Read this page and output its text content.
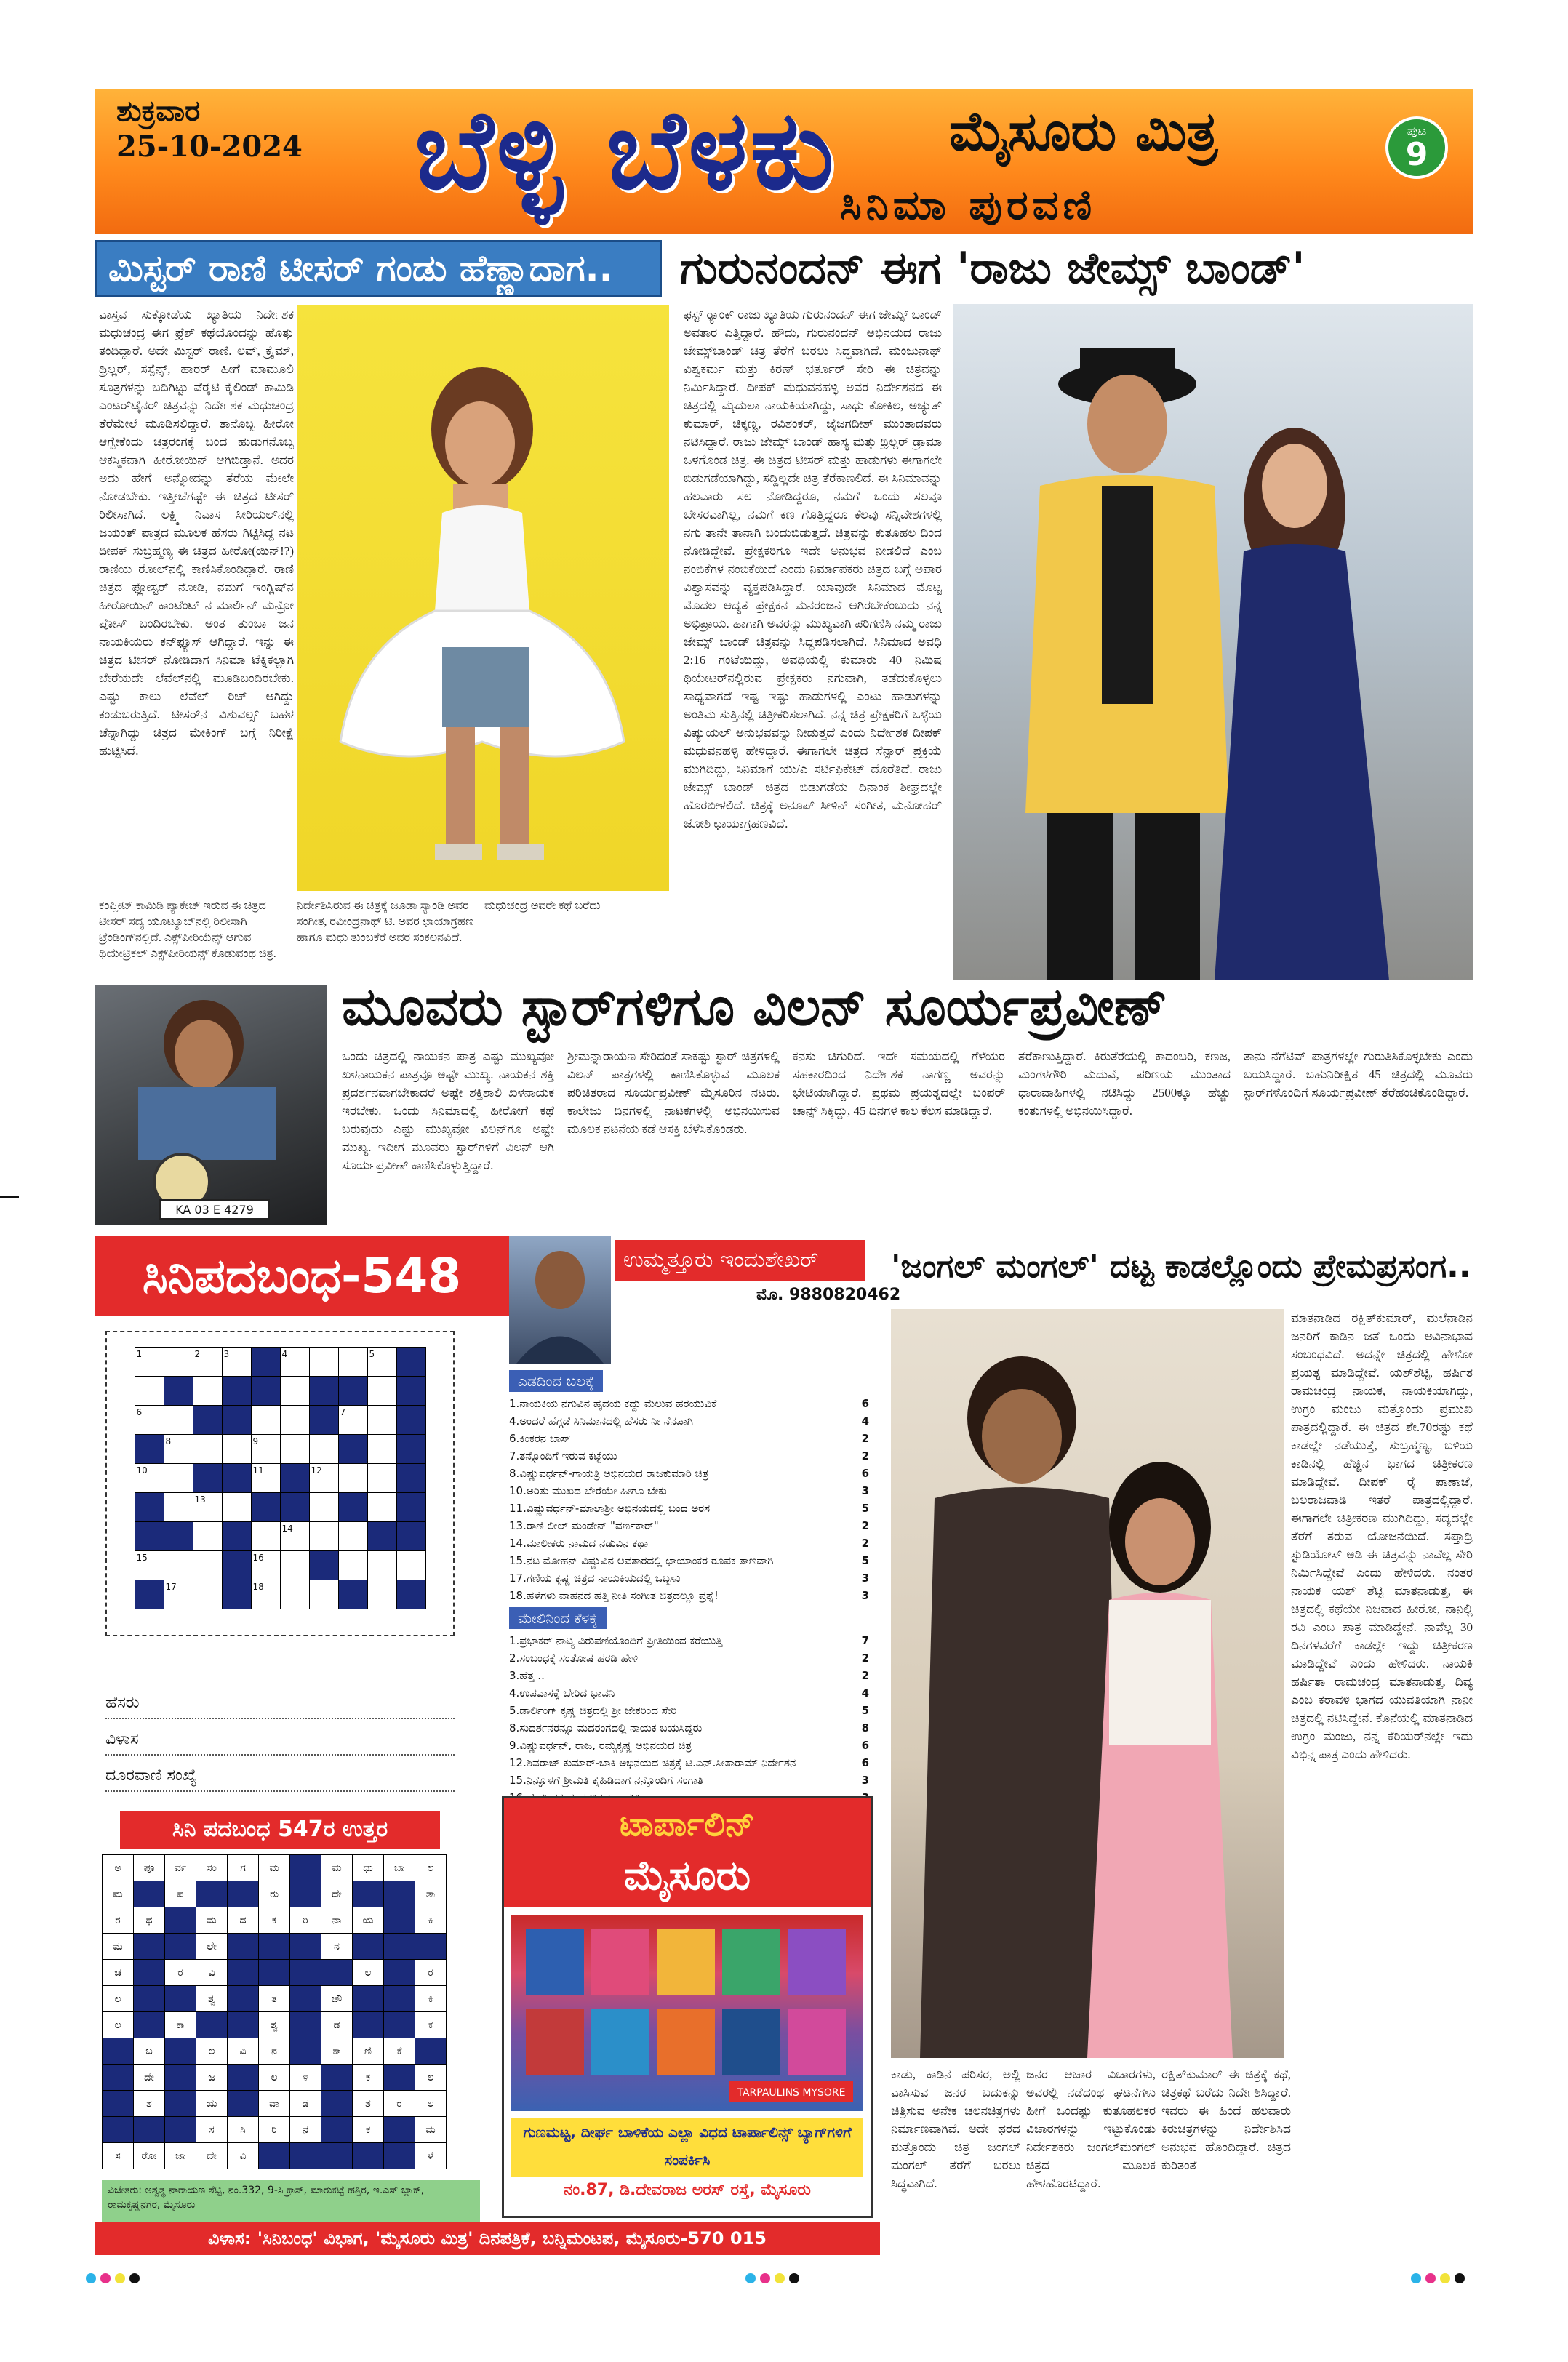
ಶುಕ್ರವಾರ
25-10-2024 ಬೆಳ್ಳಿ ಬೆಳಕು ಸಿನಿಮಾ ಪುರವಣಿ
ಮೈಸೂರು ಮಿತ್ರ	ಪುಟ
9
ಮಿಸ್ಟರ್ ರಾಣಿ ಟೀಸರ್ ಗಂಡು ಹೆಣ್ಣಾದಾಗ..
ವಾಸ್ತವ ಸುಕ್ಕೋಡೆಯ ಖ್ಯಾತಿಯ ನಿರ್ದೇಶಕ ಮಧುಚಂದ್ರ ಈಗ ಫ್ರೆಶ್ ಕಥೆಯೊಂದನ್ನು ಹೊತ್ತು ತಂದಿದ್ದಾರೆ. ಅದೇ ಮಿಸ್ಟರ್ ರಾಣಿ. ಲವ್, ಕ್ರೈಮ್, ಥ್ರಿಲ್ಲರ್, ಸಸ್ಪೆನ್ಸ್, ಹಾರರ್ ಹೀಗೆ ಮಾಮೂಲಿ ಸೂತ್ರಗಳನ್ನು ಬದಿಗಿಟ್ಟು ವೆರೈಟಿ ಕೈಲಿಂಡ್ ಕಾಮಿಡಿ ಎಂಟರ್‌ಟೈನರ್ ಚಿತ್ರವನ್ನು ನಿರ್ದೇಶಕ ಮಧುಚಂದ್ರ ತೆರೆಮೇಲೆ ಮೂಡಿಸಲಿದ್ದಾರೆ. ತಾನೊಬ್ಬ ಹೀರೋ ಆಗ್ಬೇಕೆಂದು ಚಿತ್ರರಂಗಕ್ಕೆ ಬಂದ ಹುಡುಗನೊಬ್ಬ ಆಕಸ್ಮಿಕವಾಗಿ ಹೀರೋಯಿನ್ ಆಗಿಬಿಡ್ತಾನೆ. ಅದರ ಅದು ಹೇಗೆ ಅನ್ನೋದನ್ನು ತೆರೆಯ ಮೇಲೇ ನೋಡಬೇಕು. ಇತ್ತೀಚೆಗಷ್ಟೇ ಈ ಚಿತ್ರದ ಟೀಸರ್ ರಿಲೀಸಾಗಿದೆ. ಲಕ್ಷ್ಮಿ ನಿವಾಸ ಸೀರಿಯಲ್‌ನಲ್ಲಿ ಜಯಂತ್ ಪಾತ್ರದ ಮೂಲಕ ಹೆಸರು ಗಿಟ್ಟಿಸಿದ್ದ ನಟ ದೀಪಕ್ ಸುಬ್ರಹ್ಮಣ್ಯ ಈ ಚಿತ್ರದ ಹೀರೋ(ಯಿನ್!?) ರಾಣಿಯ ರೋಲ್‌ನಲ್ಲಿ ಕಾಣಿಸಿಕೊಂಡಿದ್ದಾರೆ. ರಾಣಿ ಚಿತ್ರದ ಫ್ಲೋಸ್ಟರ್ ನೋಡಿ, ನಮಗೆ ಇಂಗ್ಲಿಷ್‌ನ ಹೀರೋಯಿನ್ ಕಾಂಟೆಂಟ್ ನ ಮಾರ್ಲಿನ್ ಮನ್ರೋ ಪೋಸ್ ಬಂದಿರಬೇಕು. ಅಂತ ತುಂಬಾ ಜನ ನಾಯಕಿಯರು ಕನ್‌ಫ್ಯೂಸ್ ಆಗಿದ್ದಾರೆ. ಇನ್ನು ಈ ಚಿತ್ರದ ಟೀಸರ್ ನೋಡಿದಾಗ ಸಿನಿಮಾ ಟೆಕ್ನಿಕಲ್ಲಾಗಿ ಬೇರೆಯದೇ ಲೆವೆಲ್‌ನಲ್ಲಿ ಮೂಡಿಬಂದಿರಬೇಕು. ಎಷ್ಟು ಕಾಲು ಲೆವೆಲ್ ರಿಚ್ ಆಗಿದ್ದು ಕಂಡುಬರುತ್ತಿದೆ. ಟೀಸರ್‌ನ ವಿಶುವಲ್ಸ್ ಬಹಳ ಚೆನ್ನಾಗಿದ್ದು ಚಿತ್ರದ ಮೇಕಿಂಗ್ ಬಗ್ಗೆ ನಿರೀಕ್ಷೆ ಹುಟ್ಟಿಸಿದೆ.
ಕಂಪ್ಲೀಟ್ ಕಾಮಿಡಿ ಪ್ಯಾಕೇಜ್ ಇರುವ ಈ ಚಿತ್ರದ ಟೀಸರ್ ಸದ್ಯ ಯೂಟ್ಯೂಬ್‌ನಲ್ಲಿ ರಿಲೀಸಾಗಿ ಟ್ರೆಂಡಿಂಗ್‌ನಲ್ಲಿದೆ. ಎಕ್ಸ್‌ಪೀರಿಯೆನ್ಸ್ ಆಗುವ ಥಿಯೇಟ್ರಿಕಲ್ ಎಕ್ಸ್‌ಪೀರಿಯನ್ಸ್ ಕೊಡುವಂಥ ಚಿತ್ರ.
ನಿರ್ದೇಶಿಸಿರುವ ಈ ಚಿತ್ರಕ್ಕೆ ಜೂಡಾ ಸ್ಯಾಂಡಿ ಅವರ ಸಂಗೀತ, ರವೀಂದ್ರನಾಥ್ ಟಿ. ಅವರ ಛಾಯಾಗ್ರಹಣ ಹಾಗೂ ಮಧು ತುಂಬಕೆರೆ ಅವರ ಸಂಕಲನವಿದೆ.
ಮಧುಚಂದ್ರ ಅವರೇ ಕಥೆ ಬರೆದು
ಗುರುನಂದನ್ ಈಗ 'ರಾಜು ಜೇಮ್ಸ್ ಬಾಂಡ್'
ಫಸ್ಟ್ ರ್‍ಯಾಂಕ್ ರಾಜು ಖ್ಯಾತಿಯ ಗುರುನಂದನ್ ಈಗ ಜೇಮ್ಸ್ ಬಾಂಡ್ ಅವತಾರ ಎತ್ತಿದ್ದಾರೆ. ಹೌದು, ಗುರುನಂದನ್ ಅಭಿನಯದ ರಾಜು ಜೇಮ್ಸ್‌ಬಾಂಡ್ ಚಿತ್ರ ತೆರೆಗೆ ಬರಲು ಸಿದ್ಧವಾಗಿದೆ. ಮಂಜುನಾಥ್ ವಿಶ್ವಕರ್ಮ ಮತ್ತು ಕಿರಣ್ ಭರ್ತೂರ್ ಸೇರಿ ಈ ಚಿತ್ರವನ್ನು ನಿರ್ಮಿಸಿದ್ದಾರೆ. ದೀಪಕ್ ಮಧುವನಹಳ್ಳಿ ಅವರ ನಿರ್ದೇಶನದ ಈ ಚಿತ್ರದಲ್ಲಿ ಮೃದುಲಾ ನಾಯಕಿಯಾಗಿದ್ದು, ಸಾಧು ಕೋಕಿಲ, ಅಚ್ಯುತ್ ಕುಮಾರ್, ಚಿಕ್ಕಣ್ಣ, ರವಿಶಂಕರ್, ಜೈಜಗದೀಶ್ ಮುಂತಾದವರು ನಟಿಸಿದ್ದಾರೆ. ರಾಜು ಜೇಮ್ಸ್ ಬಾಂಡ್ ಹಾಸ್ಯ ಮತ್ತು ಥ್ರಿಲ್ಲರ್ ಡ್ರಾಮಾ ಒಳಗೊಂಡ ಚಿತ್ರ. ಈ ಚಿತ್ರದ ಟೀಸರ್ ಮತ್ತು ಹಾಡುಗಳು ಈಗಾಗಲೇ ಬಿಡುಗಡೆಯಾಗಿದ್ದು, ಸದ್ದಿಲ್ಲದೇ ಚಿತ್ರ ತೆರೆಕಾಣಲಿದೆ. ಈ ಸಿನಿಮಾವನ್ನು ಹಲವಾರು ಸಲ ನೋಡಿದ್ದರೂ, ನಮಗೆ ಒಂದು ಸಲವೂ ಬೇಸರವಾಗಿಲ್ಲ, ನಮಗೆ ಕಣ ಗೊತ್ತಿದ್ದರೂ ಕೆಲವು ಸನ್ನಿವೇಶಗಳಲ್ಲಿ ನಗು ತಾನೇ ತಾನಾಗಿ ಬಂದುಬಿಡುತ್ತದೆ. ಚಿತ್ರವನ್ನು ಕುತೂಹಲ ದಿಂದ ನೋಡಿದ್ದೇವೆ. ಪ್ರೇಕ್ಷಕರಿಗೂ ಇದೇ ಅನುಭವ ನೀಡಲಿದೆ ಎಂಬ ನಂಬಿಕೆಗಳ ನಂಬಿಕೆಯಿದೆ ಎಂದು ನಿರ್ಮಾಪಕರು ಚಿತ್ರದ ಬಗ್ಗೆ ಅಪಾರ ವಿಶ್ವಾಸವನ್ನು ವ್ಯಕ್ತಪಡಿಸಿದ್ದಾರೆ. ಯಾವುದೇ ಸಿನಿಮಾದ ಮೊಟ್ಟ ಮೊದಲ ಆದ್ಯತೆ ಪ್ರೇಕ್ಷಕನ ಮನರಂಜನೆ ಆಗಿರಬೇಕೆಂಬುದು ನನ್ನ ಅಭಿಪ್ರಾಯ. ಹಾಗಾಗಿ ಅವರನ್ನು ಮುಖ್ಯವಾಗಿ ಪರಿಗಣಿಸಿ ನಮ್ಮ ರಾಜು ಜೇಮ್ಸ್ ಬಾಂಡ್ ಚಿತ್ರವನ್ನು ಸಿದ್ಧಪಡಿಸಲಾಗಿದೆ. ಸಿನಿಮಾದ ಅವಧಿ 2:16 ಗಂಟೆಯಿದ್ದು, ಅವಧಿಯಲ್ಲಿ ಕುಮಾರು 40 ನಿಮಿಷ ಥಿಯೇಟರ್‌ನಲ್ಲಿರುವ ಪ್ರೇಕ್ಷಕರು ನಗುವಾಗಿ, ತಡೆದುಕೊಳ್ಳಲು ಸಾಧ್ಯವಾಗದೆ ಇಷ್ಟ ಇಷ್ಟು ಹಾಡುಗಳಲ್ಲಿ ಎಂಟು ಹಾಡುಗಳನ್ನು ಅಂತಿಮ ಸುತ್ತಿನಲ್ಲಿ ಚಿತ್ರೀಕರಿಸಲಾಗಿದೆ. ನನ್ನ ಚಿತ್ರ ಪ್ರೇಕ್ಷಕರಿಗೆ ಒಳ್ಳೆಯ ವಿಷ್ಯುಯಲ್ ಅನುಭವವನ್ನು ನೀಡುತ್ತದೆ ಎಂದು ನಿರ್ದೇಶಕ ದೀಪಕ್ ಮಧುವನಹಳ್ಳಿ ಹೇಳಿದ್ದಾರೆ. ಈಗಾಗಲೇ ಚಿತ್ರದ ಸೆನ್ಸಾರ್ ಪ್ರಕ್ರಿಯೆ ಮುಗಿದಿದ್ದು, ಸಿನಿಮಾಗೆ ಯು/ಎ ಸರ್ಟಿಫಿಕೇಟ್ ದೊರೆತಿದೆ. ರಾಜು ಜೇಮ್ಸ್ ಬಾಂಡ್ ಚಿತ್ರದ ಬಿಡುಗಡೆಯ ದಿನಾಂಕ ಶೀಘ್ರದಲ್ಲೇ ಹೊರಬೀಳಲಿದೆ. ಚಿತ್ರಕ್ಕೆ ಅನೂಪ್ ಸೀಳಿನ್ ಸಂಗೀತ, ಮನೋಹರ್ ಜೋಶಿ ಛಾಯಾಗ್ರಹಣವಿದೆ.
KA 03 E 4279
ಮೂವರು ಸ್ಟಾರ್‌ಗಳಿಗೂ ವಿಲನ್ ಸೂರ್ಯಪ್ರವೀಣ್
ಒಂದು ಚಿತ್ರದಲ್ಲಿ ನಾಯಕನ ಪಾತ್ರ ಎಷ್ಟು ಮುಖ್ಯವೋ ಖಳನಾಯಕನ ಪಾತ್ರವೂ ಅಷ್ಟೇ ಮುಖ್ಯ. ನಾಯಕನ ಶಕ್ತಿ ಪ್ರದರ್ಶನವಾಗಬೇಕಾದರೆ ಅಷ್ಟೇ ಶಕ್ತಿಶಾಲಿ ಖಳನಾಯಕ ಇರಬೇಕು. ಒಂದು ಸಿನಿಮಾದಲ್ಲಿ ಹೀರೋಗೆ ಕಥೆ ಬರುವುದು ಎಷ್ಟು ಮುಖ್ಯವೋ ವಿಲನ್‌ಗೂ ಅಷ್ಟೇ ಮುಖ್ಯ. ಇದೀಗ ಮೂವರು ಸ್ಟಾರ್‌ಗಳಿಗೆ ವಿಲನ್ ಆಗಿ ಸೂರ್ಯಪ್ರವೀಣ್ ಕಾಣಿಸಿಕೊಳ್ಳುತ್ತಿದ್ದಾರೆ.
ಶ್ರೀಮನ್ನಾರಾಯಣ ಸೇರಿದಂತೆ ಸಾಕಷ್ಟು ಸ್ಟಾರ್ ಚಿತ್ರಗಳಲ್ಲಿ ವಿಲನ್ ಪಾತ್ರಗಳಲ್ಲಿ ಕಾಣಿಸಿಕೊಳ್ಳುವ ಮೂಲಕ ಪರಿಚಿತರಾದ ಸೂರ್ಯಪ್ರವೀಣ್ ಮೈಸೂರಿನ ನಟರು. ಕಾಲೇಜು ದಿನಗಳಲ್ಲಿ ನಾಟಕಗಳಲ್ಲಿ ಅಭಿನಯಿಸುವ ಮೂಲಕ ನಟನೆಯ ಕಡೆ ಆಸಕ್ತಿ ಬೆಳೆಸಿಕೊಂಡರು.
ಕನಸು ಚಿಗುರಿದೆ. ಇದೇ ಸಮಯದಲ್ಲಿ ಗೆಳೆಯರ ಸಹಕಾರದಿಂದ ನಿರ್ದೇಶಕ ನಾಗಣ್ಣ ಅವರನ್ನು ಭೇಟಿಯಾಗಿದ್ದಾರೆ. ಪ್ರಥಮ ಪ್ರಯತ್ನದಲ್ಲೇ ಬಂಪರ್ ಚಾನ್ಸ್ ಸಿಕ್ಕಿದ್ದು, 45 ದಿನಗಳ ಕಾಲ ಕೆಲಸ ಮಾಡಿದ್ದಾರೆ.
ತೆರೆಕಾಣುತ್ತಿದ್ದಾರೆ. ಕಿರುತೆರೆಯಲ್ಲಿ ಕಾದಂಬರಿ, ಕಣಜ, ಮಂಗಳಗೌರಿ ಮದುವೆ, ಪರಿಣಯ ಮುಂತಾದ ಧಾರಾವಾಹಿಗಳಲ್ಲಿ ನಟಿಸಿದ್ದು 2500ಕ್ಕೂ ಹೆಚ್ಚು ಕಂತುಗಳಲ್ಲಿ ಅಭಿನಯಿಸಿದ್ದಾರೆ.
ತಾನು ನೆಗೆಟಿವ್ ಪಾತ್ರಗಳಲ್ಲೇ ಗುರುತಿಸಿಕೊಳ್ಳಬೇಕು ಎಂದು ಬಯಸಿದ್ದಾರೆ. ಬಹುನಿರೀಕ್ಷಿತ 45 ಚಿತ್ರದಲ್ಲಿ ಮೂವರು ಸ್ಟಾರ್‌ಗಳೊಂದಿಗೆ ಸೂರ್ಯಪ್ರವೀಣ್ ತೆರೆಹಂಚಿಕೊಂಡಿದ್ದಾರೆ.
ಸಿನಿಪದಬಂಧ-548
1		2	3		4			5	

6							7		
	8			9					
10				11		12			
		13							
					14				
15				16					
	17			18					
ಹೆಸರು
ವಿಳಾಸ
ದೂರವಾಣಿ ಸಂಖ್ಯೆ
ಸಿನಿ ಪದಬಂಧ 547ರ ಉತ್ತರ
ಅ	ಪೂ	ರ್ವ	ಸಂ	ಗ	ಮ		ಮ	ಧು	ಬಾ	ಲ
ಮ		ಪ			ರು		ದೇ			ತಾ
ರ	ಥ		ಮ	ದ	ಕ	ರಿ	ನಾ	ಯ		ಕಿ
ಮ			ಲೇ				ನ			
ಚ		ರ	ವಿ					ಲ		ರ
ಲ			ಶ್ವ		ತ		ಚೌ			ಕಿ
ಲ		ಕಾ			ಶ್ವ		ಡ			ಕ
	ಬ		ಲ	ವಿ	ನ		ಕಾ	ಣಿ	ಕೆ	
	ದೇ		ಜ		ಲ	ಳಿ		ಕ		ಲ
	ಶ		ಯ		ವಾ	ಡ		ಶ	ರ	ಲ
			ಸ	ಸಿ	ರಿ	ನ		ಕ		ಮ
ಸ	ರೋ	ಜಾ	ದೇ	ವಿ						ಳೆ
ವಿಜೇತರು: ಅಶ್ವತ್ಥ ನಾರಾಯಣ ಶೆಟ್ಟಿ, ನಂ.332, 9-ಸಿ ಕ್ರಾಸ್, ಮಾರುಕಟ್ಟೆ ಹತ್ತಿರ, ಇ.ಎಸ್ ಬ್ಲಾಕ್, ರಾಮಕೃಷ್ಣನಗರ, ಮೈಸೂರು
ಉಮ್ಮತ್ತೂರು ಇಂದುಶೇಖರ್
ಮೊ. 9880820462
ಎಡದಿಂದ ಬಲಕ್ಕೆ
1.ನಾಯಕಿಯ ನಗುವಿನ ಹೃದಯ ಕದ್ದು ಮೆಲುವ ಹರಯುವಿಕೆ	6
4.ಅಂದರೆ ಹೆಗ್ಗಡೆ ಸಿನಿಮಾನದಲ್ಲಿ ಹೆಸರು ನೀ ನೆನಪಾಗಿ	4
6.ಕಿಂಕರನ ಬಾಸ್	2
7.ತನ್ನೊಂದಿಗೆ ಇರುವ ಕಟ್ಟೆಯು	2
8.ವಿಷ್ಣುವರ್ಧನ್-ಗಾಯತ್ರಿ ಅಭಿನಯದ ರಾಜಕುಮಾರಿ ಚಿತ್ರ	6
10.ಅರಿತು ಮುಖದ ಬೇರೆಯೇ ಹೀಗೂ ಬೇಕು	3
11.ವಿಷ್ಣುವರ್ಧನ್-ಮಾಲಾಶ್ರೀ ಅಭಿನಯದಲ್ಲಿ ಬಂದ ಅರಸ	5
13.ರಾಣಿ ಲೀಲ್ ಮಂಡೇನ್ "ವರ್ಣಕಾರ್"	2
14.ಮಾಲೀಕರು ನಾಮದ ನಡುವಿನ ಕಥಾ	2
15.ನಟ ಮೋಹನ್ ವಿಷ್ಣುವಿನ ಅವತಾರದಲ್ಲಿ ಛಾಯಾಂಕರ ರೂಪಕ ತಾಣವಾಗಿ	5
17.ಗಣಿಯ ಕೃಷ್ಣ ಚಿತ್ರದ ನಾಯಕಿಯದಲ್ಲಿ ಒಬ್ಬಳು	3
18.ಹಳೆಗಳು ವಾಹನದ ಹತ್ತಿ ನೀತಿ ಸಂಗೀತ ಚಿತ್ರದಲ್ಲೂ ಪ್ರಶ್ನೆ!	3
ಮೇಲಿನಿಂದ ಕೆಳಕ್ಕೆ
1.ಪ್ರಭಾಕರ್ ನಾಟ್ಯ ವಿರುಪಣಿಯೊಂದಿಗೆ ಪ್ರೀತಿಯಿಂದ ಕರೆಯುತ್ತಿ	7
2.ಸಂಬಂಧಕ್ಕೆ ಸಂತೋಷ ಹರಡಿ ಹೇಳಿ	2
3.ಹೆತ್ತ ..	2
4.ಉಪವಾಸಕ್ಕೆ ಬೇರಿದ ಭಾವನಿ	4
5.ಡಾರ್ಲಿಂಗ್ ಕೃಷ್ಣ ಚಿತ್ರದಲ್ಲಿ ಶ್ರೀ ಜೇಕರಿಂದ ಸೇರಿ	5
8.ಸುದರ್ಶನರನ್ನೂ ಮದರಂಗದಲ್ಲಿ ನಾಯಕ ಬಯಸಿದ್ದರು	8
9.ವಿಷ್ಣುವರ್ಧನ್, ರಾಜ, ರಮ್ಯಕೃಷ್ಣ ಅಭಿನಯದ ಚಿತ್ರ	6
12.ಶಿವರಾಜ್ ಕುಮಾರ್-ಬಾಕಿ ಅಭಿನಯದ ಚಿತ್ರಕ್ಕೆ ಟಿ.ಎನ್.ಸೀತಾರಾಮ್ ನಿರ್ದೇಶನ	6
15.ನಿನ್ನೊಳಗೆ ಶ್ರೀಮತಿ ಕೈಹಿಡಿದಾಗ ನನ್ನೊಂದಿಗೆ ಸಂಗಾತಿ	3
ಟಾರ್ಪಾಲಿನ್
ಮೈಸೂರು
TARPAULINS MYSORE
ಗುಣಮಟ್ಟ, ದೀರ್ಘ ಬಾಳಿಕೆಯ ಎಲ್ಲಾ ವಿಧದ ಟಾರ್ಪಾಲಿನ್ಸ್ ಬ್ಯಾಗ್‌ಗಳಿಗೆ ಸಂಪರ್ಕಿಸಿ
ನಂ.87, ಡಿ.ದೇವರಾಜ ಅರಸ್ ರಸ್ತೆ, ಮೈಸೂರು
ವಿಳಾಸ: 'ಸಿನಿಬಂಧ' ವಿಭಾಗ, 'ಮೈಸೂರು ಮಿತ್ರ' ದಿನಪತ್ರಿಕೆ, ಬನ್ನಿಮಂಟಪ, ಮೈಸೂರು-570 015
'ಜಂಗಲ್ ಮಂಗಲ್' ದಟ್ಟ ಕಾಡಲ್ಲೊಂದು ಪ್ರೇಮಪ್ರಸಂಗ..
ಮಾತನಾಡಿದ ರಕ್ಷಿತ್‌ಕುಮಾರ್, ಮಲೆನಾಡಿನ ಜನರಿಗೆ ಕಾಡಿನ ಜತೆ ಒಂದು ಅವಿನಾಭಾವ ಸಂಬಂಧವಿದೆ. ಅದನ್ನೇ ಚಿತ್ರದಲ್ಲಿ ಹೇಳೋ ಪ್ರಯತ್ನ ಮಾಡಿದ್ದೇವೆ. ಯಶ್‌ಶೆಟ್ಟಿ, ಹರ್ಷಿತ ರಾಮಚಂದ್ರ ನಾಯಕ, ನಾಯಕಿಯಾಗಿದ್ದು, ಉಗ್ರಂ ಮಂಜು ಮತ್ತೊಂದು ಪ್ರಮುಖ ಪಾತ್ರದಲ್ಲಿದ್ದಾರೆ. ಈ ಚಿತ್ರದ ಶೇ.70ರಷ್ಟು ಕಥೆ ಕಾಡಲ್ಲೇ ನಡೆಯುತ್ತೆ, ಸುಬ್ರಹ್ಮಣ್ಯ, ಬಳಿಯ ಕಾಡಿನಲ್ಲಿ ಹೆಚ್ಚಿನ ಭಾಗದ ಚಿತ್ರೀಕರಣ ಮಾಡಿದ್ದೇವೆ. ದೀಪಕ್ ರೈ ಪಾಣಾಜೆ, ಬಲರಾಜವಾಡಿ ಇತರೆ ಪಾತ್ರದಲ್ಲಿದ್ದಾರೆ. ಈಗಾಗಲೇ ಚಿತ್ರೀಕರಣ ಮುಗಿದಿದ್ದು, ಸದ್ಯದಲ್ಲೇ ತೆರೆಗೆ ತರುವ ಯೋಜನೆಯಿದೆ. ಸಪ್ತಾದ್ರಿ ಸ್ಟುಡಿಯೋಸ್ ಅಡಿ ಈ ಚಿತ್ರವನ್ನು ನಾವೆಲ್ಲ ಸೇರಿ ನಿರ್ಮಿಸಿದ್ದೇವೆ ಎಂದು ಹೇಳಿದರು. ನಂತರ ನಾಯಕ ಯಶ್ ಶೆಟ್ಟಿ ಮಾತನಾಡುತ್ತ, ಈ ಚಿತ್ರದಲ್ಲಿ ಕಥೆಯೇ ನಿಜವಾದ ಹೀರೋ, ನಾನಿಲ್ಲಿ ರವಿ ಎಂಬ ಪಾತ್ರ ಮಾಡಿದ್ದೇನೆ. ನಾವೆಲ್ಲ 30 ದಿನಗಳವರೆಗೆ ಕಾಡಲ್ಲೇ ಇದ್ದು ಚಿತ್ರೀಕರಣ ಮಾಡಿದ್ದೇವೆ ಎಂದು ಹೇಳಿದರು. ನಾಯಕಿ ಹರ್ಷಿತಾ ರಾಮಚಂದ್ರ ಮಾತನಾಡುತ್ತ, ದಿವ್ಯ ಎಂಬ ಕರಾವಳಿ ಭಾಗದ ಯುವತಿಯಾಗಿ ನಾನೀ ಚಿತ್ರದಲ್ಲಿ ನಟಿಸಿದ್ದೇನೆ. ಕೊನೆಯಲ್ಲಿ ಮಾತನಾಡಿದ ಉಗ್ರಂ ಮಂಜು, ನನ್ನ ಕೆರಿಯರ್‌ನಲ್ಲೇ ಇದು ವಿಭಿನ್ನ ಪಾತ್ರ ಎಂದು ಹೇಳಿದರು.
ಕಾಡು, ಕಾಡಿನ ಪರಿಸರ, ಅಲ್ಲಿ ವಾಸಿಸುವ ಜನರ ಬದುಕನ್ನು ಚಿತ್ರಿಸುವ ಅನೇಕ ಚಲನಚಿತ್ರಗಳು ನಿರ್ಮಾಣವಾಗಿವೆ. ಅದೇ ಥರದ ಮತ್ತೊಂದು ಚಿತ್ರ ಜಂಗಲ್ ಮಂಗಲ್ ತೆರೆಗೆ ಬರಲು ಸಿದ್ಧವಾಗಿದೆ.
ಜನರ ಆಚಾರ ವಿಚಾರಗಳು, ಅವರಲ್ಲಿ ನಡೆದಂಥ ಘಟನೆಗಳು ಹೀಗೆ ಒಂದಷ್ಟು ಕುತೂಹಲಕರ ವಿಚಾರಗಳನ್ನು ಇಟ್ಟುಕೊಂಡು ನಿರ್ದೇಶಕರು ಜಂಗಲ್‌ಮಂಗಲ್ ಚಿತ್ರದ ಮೂಲಕ ಹೇಳಹೊರಟಿದ್ದಾರೆ.
ರಕ್ಷಿತ್‌ಕುಮಾರ್ ಈ ಚಿತ್ರಕ್ಕೆ ಕಥೆ, ಚಿತ್ರಕಥೆ ಬರೆದು ನಿರ್ದೇಶಿಸಿದ್ದಾರೆ. ಇವರು ಈ ಹಿಂದೆ ಹಲವಾರು ಕಿರುಚಿತ್ರಗಳನ್ನು ನಿರ್ದೇಶಿಸಿದ ಅನುಭವ ಹೊಂದಿದ್ದಾರೆ. ಚಿತ್ರದ ಕುರಿತಂತೆ
